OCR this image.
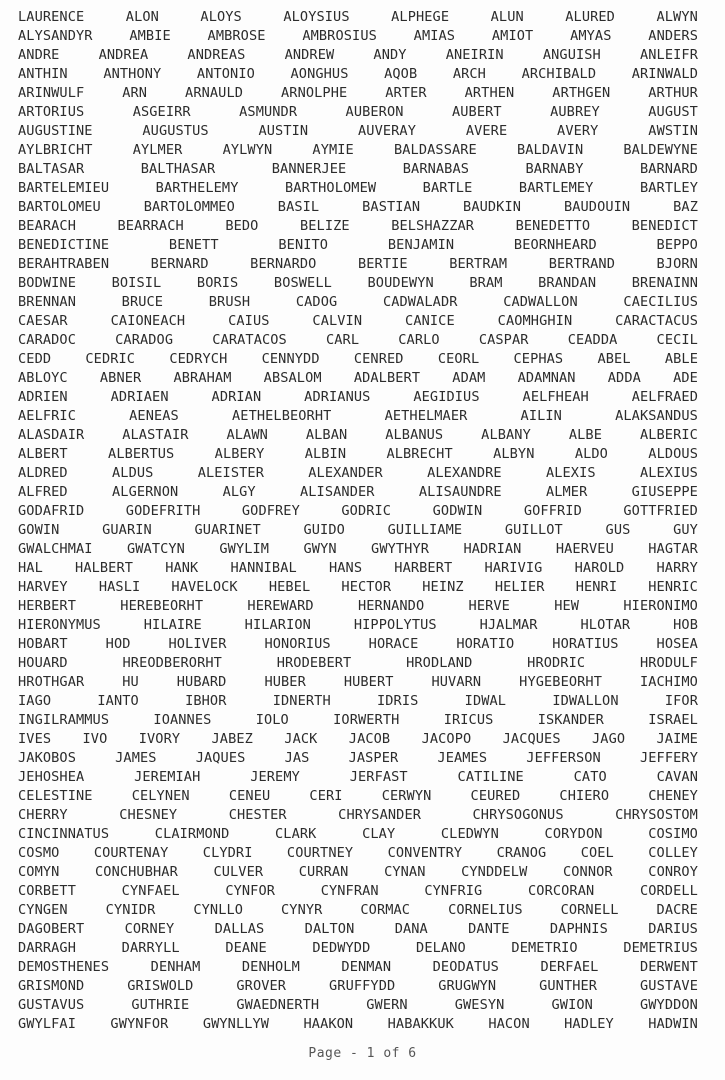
LAURENCE	ALON	ALOYS	ALOYSIUS	ALPHEGE	ALUN	ALURED	ALWYN
ALYSANDYR	AMBIE	AMBROSE	AMBROSIUS	AMIAS	AMIOT	AMYAS	ANDERS
ANDRE	ANDREA	ANDREAS	ANDREW	ANDY	ANEIRIN	ANGUISH	ANLEIFR
ANTHIN	ANTHONY	ANTONIO	AONGHUS	AQOB	ARCH	ARCHIBALD	ARINWALD
ARINWULF	ARN	ARNAULD	ARNOLPHE	ARTER	ARTHEN	ARTHGEN	ARTHUR
ARTORIUS	ASGEIRR	ASMUNDR	AUBERON	AUBERT	AUBREY	AUGUST
AUGUSTINE	AUGUSTUS	AUSTIN	AUVERAY	AVERE	AVERY	AWSTIN
AYLBRICHT	AYLMER	AYLWYN	AYMIE	BALDASSARE	BALDAVIN	BALDEWYNE
BALTASAR	BALTHASAR	BANNERJEE	BARNABAS	BARNABY	BARNARD
BARTELEMIEU	BARTHELEMY	BARTHOLOMEW	BARTLE	BARTLEMEY	BARTLEY
BARTOLOMEU	BARTOLOMMEO	BASIL	BASTIAN	BAUDKIN	BAUDOUIN	BAZ
BEARACH	BEARRACH	BEDO	BELIZE	BELSHAZZAR	BENEDETTO	BENEDICT
BENEDICTINE	BENETT	BENITO	BENJAMIN	BEORNHEARD	BEPPO
BERAHTRABEN	BERNARD	BERNARDO	BERTIE	BERTRAM	BERTRAND	BJORN
BODWINE	BOISIL	BORIS	BOSWELL	BOUDEWYN	BRAM	BRANDAN	BRENAINN
BRENNAN	BRUCE	BRUSH	CADOG	CADWALADR	CADWALLON	CAECILIUS
CAESAR	CAIONEACH	CAIUS	CALVIN	CANICE	CAOMHGHIN	CARACTACUS
CARADOC	CARADOG	CARATACOS	CARL	CARLO	CASPAR	CEADDA	CECIL
CEDD	CEDRIC	CEDRYCH	CENNYDD	CENRED	CEORL	CEPHAS	ABEL	ABLE
ABLOYC ABNER ABRAHAM ABSALOM ADALBERT ADAM ADAMNAN ADDA ADE
ADRIEN	ADRIAEN	ADRIAN	ADRIANUS	AEGIDIUS	AELFHEAH	AELFRAED
AELFRIC	AENEAS	AETHELBEORHT	AETHELMAER	AILIN	ALAKSANDUS
ALASDAIR	ALASTAIR	ALAWN	ALBAN	ALBANUS	ALBANY	ALBE	ALBERIC
ALBERT	ALBERTUS	ALBERY	ALBIN	ALBRECHT	ALBYN	ALDO	ALDOUS
ALDRED	ALDUS	ALEISTER	ALEXANDER	ALEXANDRE	ALEXIS	ALEXIUS
ALFRED	ALGERNON	ALGY	ALISANDER	ALISAUNDRE	ALMER	GIUSEPPE
GODAFRID	GODEFRITH	GODFREY	GODRIC	GODWIN	GOFFRID	GOTTFRIED
GOWIN	GUARIN	GUARINET	GUIDO	GUILLIAME	GUILLOT	GUS	GUY
GWALCHMAI	GWATCYN	GWYLIM	GWYN	GWYTHYR	HADRIAN	HAERVEU	HAGTAR
HAL HALBERT HANK HANNIBAL HANS HARBERT HARIVIG HAROLD HARRY
HARVEY HASLI HAVELOCK HEBEL HECTOR HEINZ HELIER HENRI HENRIC
HERBERT	HEREBEORHT	HEREWARD	HERNANDO	HERVE	HEW	HIERONIMO
HIERONYMUS	HILAIRE	HILARION	HIPPOLYTUS	HJALMAR	HLOTAR	HOB
HOBART	HOD	HOLIVER	HONORIUS	HORACE	HORATIO	HORATIUS	HOSEA
HOUARD	HREODBERORHT	HRODEBERT	HRODLAND	HRODRIC	HRODULF
HROTHGAR	HU	HUBARD	HUBER	HUBERT	HUVARN	HYGEBEORHT	IACHIMO
IAGO	IANTO	IBHOR	IDNERTH	IDRIS	IDWAL	IDWALLON	IFOR
INGILRAMMUS	IOANNES	IOLO	IORWERTH	IRICUS	ISKANDER	ISRAEL
IVES IVO IVORY JABEZ JACK JACOB JACOPO JACQUES JAGO JAIME
JAKOBOS	JAMES	JAQUES	JAS	JASPER	JEAMES	JEFFERSON	JEFFERY
JEHOSHEA	JEREMIAH	JEREMY	JERFAST	CATILINE	CATO	CAVAN
CELESTINE	CELYNEN	CENEU	CERI	CERWYN	CEURED	CHIERO	CHENEY
CHERRY	CHESNEY	CHESTER	CHRYSANDER	CHRYSOGONUS	CHRYSOSTOM
CINCINNATUS	CLAIRMOND	CLARK	CLAY	CLEDWYN	CORYDON	COSIMO
COSMO	COURTENAY	CLYDRI	COURTNEY	CONVENTRY	CRANOG	COEL	COLLEY
COMYN	CONCHUBHAR	CULVER	CURRAN	CYNAN	CYNDDELW	CONNOR	CONROY
CORBETT	CYNFAEL	CYNFOR	CYNFRAN	CYNFRIG	CORCORAN	CORDELL
CYNGEN	CYNIDR	CYNLLO	CYNYR	CORMAC	CORNELIUS	CORNELL	DACRE
DAGOBERT	CORNEY	DALLAS	DALTON	DANA	DANTE	DAPHNIS	DARIUS
DARRAGH	DARRYLL	DEANE	DEDWYDD	DELANO	DEMETRIO	DEMETRIUS
DEMOSTHENES	DENHAM	DENHOLM	DENMAN	DEODATUS	DERFAEL	DERWENT
GRISMOND	GRISWOLD	GROVER	GRUFFYDD	GRUGWYN	GUNTHER	GUSTAVE
GUSTAVUS	GUTHRIE	GWAEDNERTH	GWERN	GWESYN	GWION	GWYDDON
GWYLFAI	GWYNFOR	GWYNLLYW	HAAKON	HABAKKUK	HACON	HADLEY	HADWIN
Page - 1 of 6
